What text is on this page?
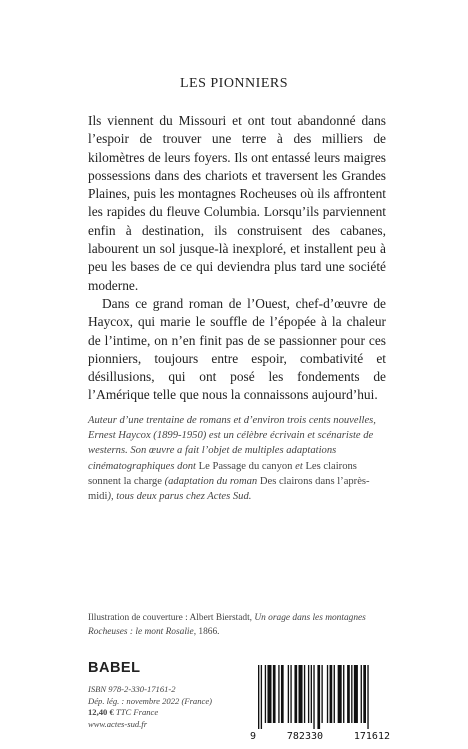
LES PIONNIERS

Ils viennent du Missouri et ont tout abandonné dans l’espoir de trouver une terre à des milliers de kilomètres de leurs foyers. Ils ont entassé leurs maigres possessions dans des chariots et traversent les Grandes Plaines, puis les montagnes Rocheuses où ils affrontent les rapides du fleuve Columbia. Lorsqu’ils parviennent enfin à destination, ils construisent des cabanes, labourent un sol jusque-là inexploré, et installent peu à peu les bases de ce qui deviendra plus tard une société moderne.

Dans ce grand roman de l’Ouest, chef-d’œuvre de Haycox, qui marie le souffle de l’épopée à la chaleur de l’intime, on n’en finit pas de se passionner pour ces pionniers, toujours entre espoir, combativité et désillusions, qui ont posé les fondements de l’Amérique telle que nous la connaissons aujourd’hui.

Auteur d’une trentaine de romans et d’environ trois cents nouvelles, Ernest Haycox (1899-1950) est un célèbre écrivain et scénariste de westerns. Son œuvre a fait l’objet de multiples adaptations cinématographiques dont Le Passage du canyon et Les clairons sonnent la charge (adaptation du roman Des clairons dans l’après-midi), tous deux parus chez Actes Sud.
Illustration de couverture : Albert Bierstadt, Un orage dans les montagnes Rocheuses : le mont Rosalie, 1866.
BABEL
ISBN 978-2-330-17161-2
Dép. lég. : novembre 2022 (France)
12,40 € TTC France
www.actes-sud.fr
9	782330	171612
